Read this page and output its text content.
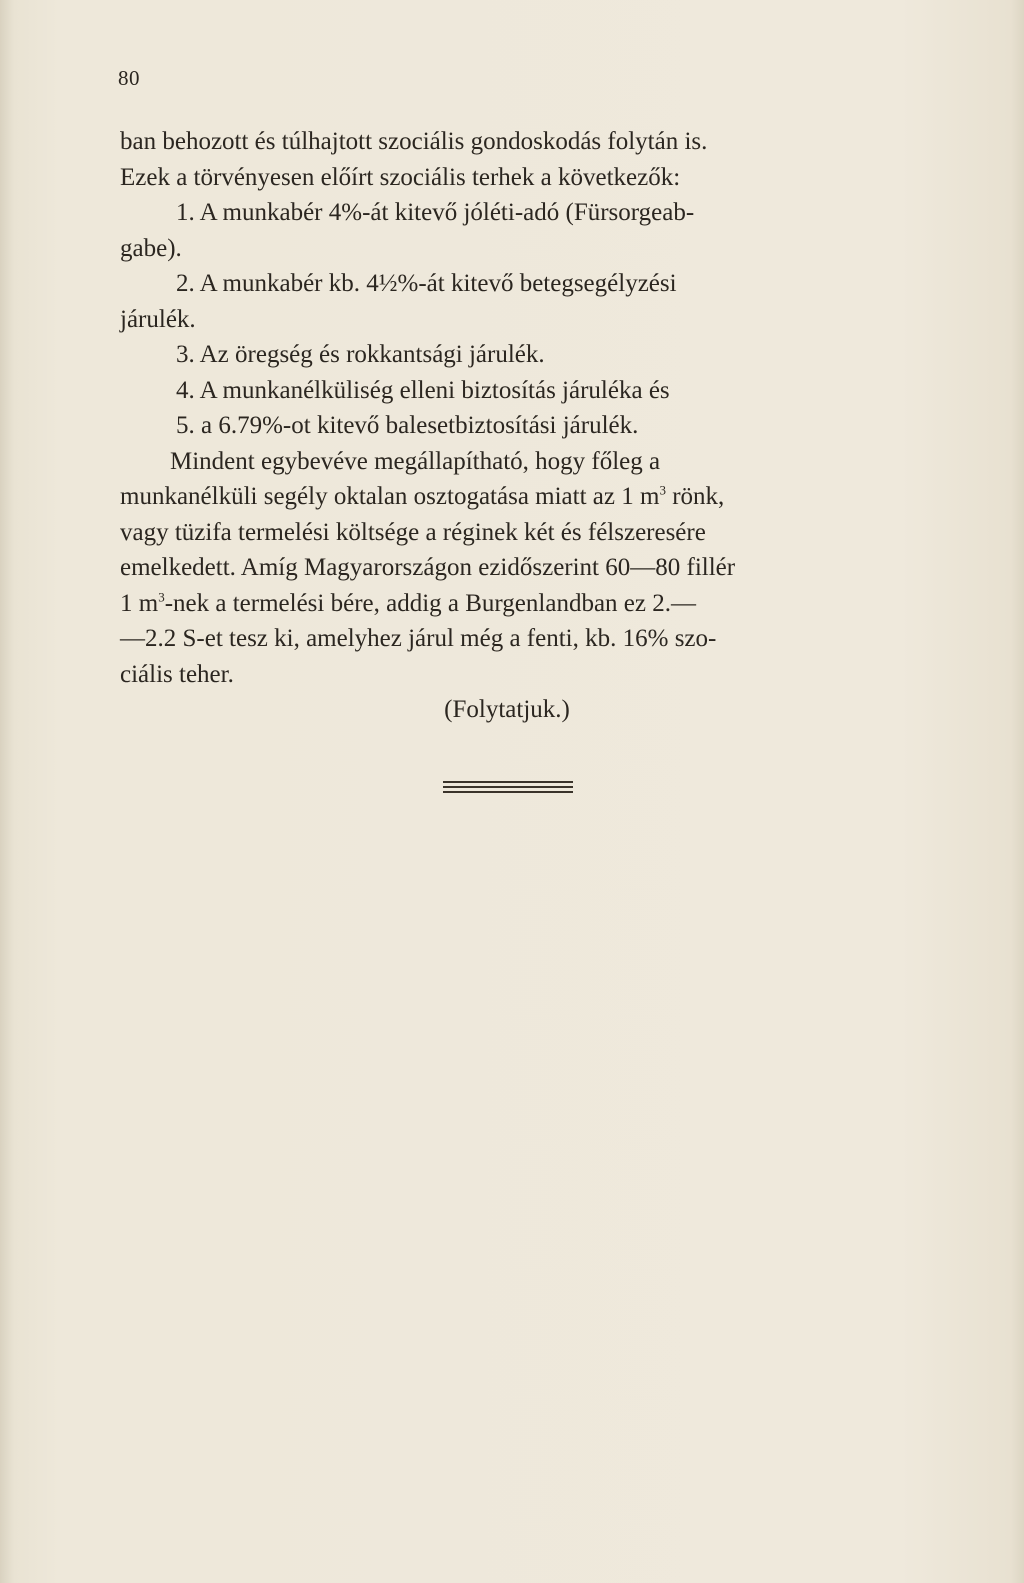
80
ban behozott és túlhajtott szociális gondoskodás folytán is.
Ezek a törvényesen előírt szociális terhek a következők:
1. A munkabér 4%-át kitevő jóléti-adó (Fürsorgeab-
gabe).
2. A munkabér kb. 4½%-át kitevő betegsegélyzési
járulék.
3. Az öregség és rokkantsági járulék.
4. A munkanélküliség elleni biztosítás járuléka és
5. a 6.79%-ot kitevő balesetbiztosítási járulék.
Mindent egybevéve megállapítható, hogy főleg a
munkanélküli segély oktalan osztogatása miatt az 1 $m^3$ rönk,
vagy tüzifa termelési költsége a réginek két és félszeresére
emelkedett. Amíg Magyarországon ezidőszerint 60—80 fillér
1 $m^3$-nek a termelési bére, addig a Burgenlandban ez 2.—
—2.2 S-et tesz ki, amelyhez járul még a fenti, kb. 16% szo-
ciális teher.
(Folytatjuk.)
